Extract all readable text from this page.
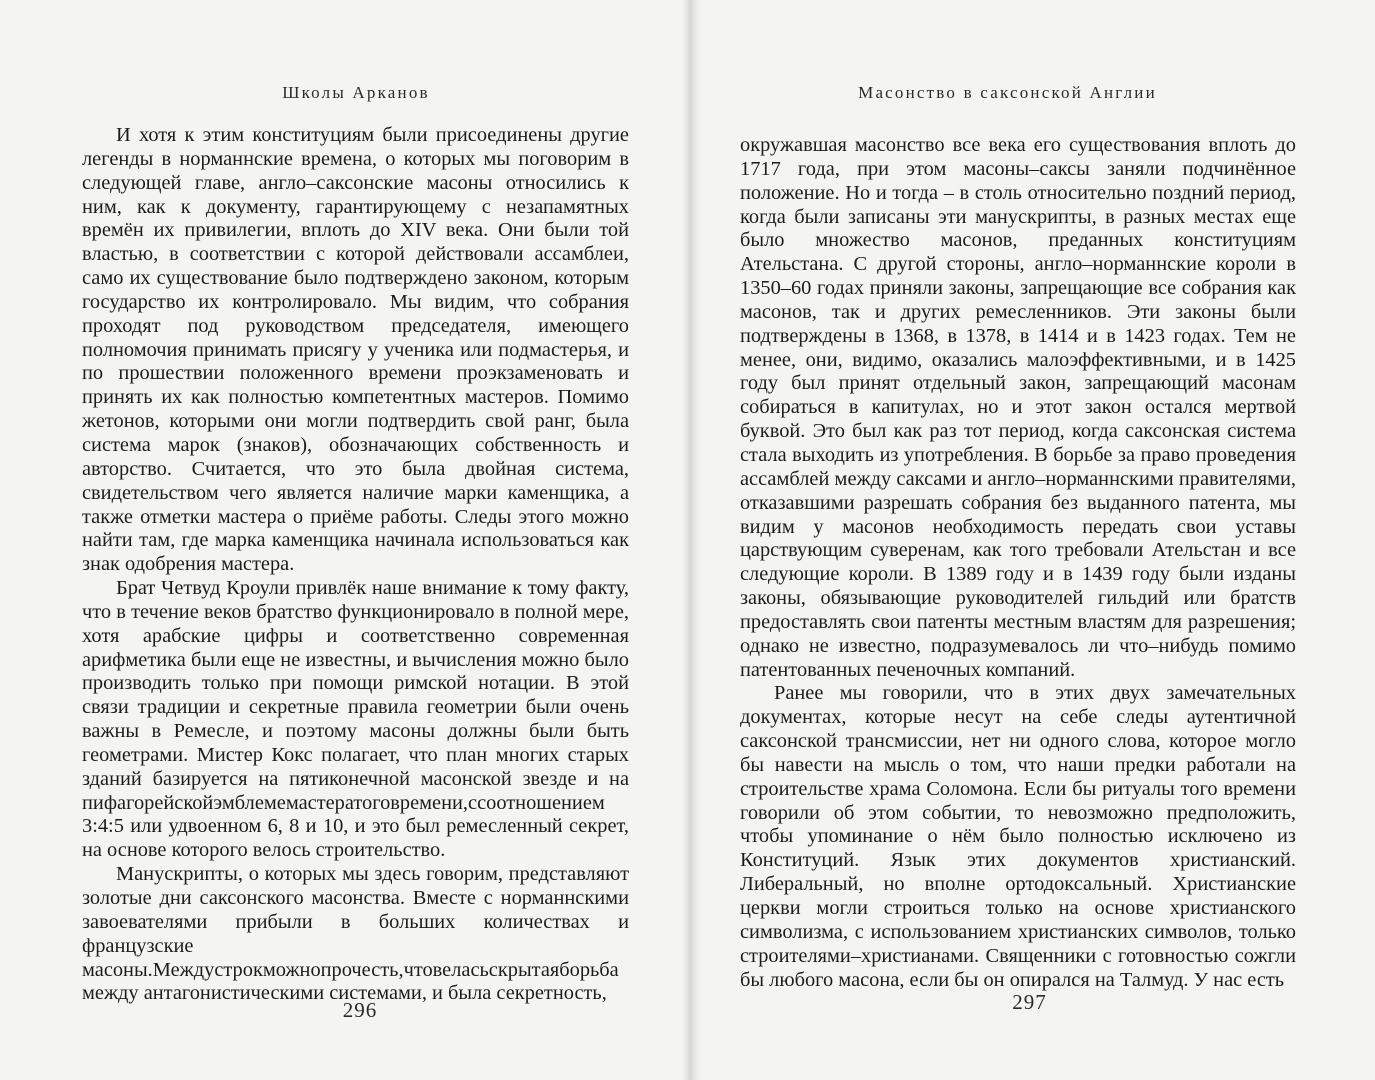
Школы Арканов

И хотя к этим конституциям были присоединены другие легенды в норманнские времена, о которых мы поговорим в следующей главе, англо–саксонские масоны относились к ним, как к документу, гарантирующему с незапамятных времён их привилегии, вплоть до XIV века. Они были той властью, в соответствии с которой действовали ассамблеи, само их существование было подтверждено законом, которым государство их контролировало. Мы видим, что собрания проходят под руководством председателя, имеющего полномочия принимать присягу у ученика или подмастерья, и по прошествии положенного времени проэкзаменовать и принять их как полностью компетентных мастеров. Помимо жетонов, которыми они могли подтвердить свой ранг, была система марок (знаков), обозначающих собственность и авторство. Считается, что это была двойная система, свидетельством чего является наличие марки каменщика, а также отметки мастера о приёме работы. Следы этого можно найти там, где марка каменщика начинала использоваться как знак одобрения мастера.

Брат Четвуд Кроули привлёк наше внимание к тому факту, что в течение веков братство функционировало в полной мере, хотя арабские цифры и соответственно современная арифметика были еще не известны, и вычисления можно было производить только при помощи римской нотации. В этой связи традиции и секретные правила геометрии были очень важны в Ремесле, и поэтому масоны должны были быть геометрами. Мистер Кокс полагает, что план многих старых зданий базируется на пятиконечной масонской звезде и на пифагорейскойэмблемемастератоговремени,ссоотношением 3:4:5 или удвоенном 6, 8 и 10, и это был ремесленный секрет, на основе которого велось строительство.

Манускрипты, о которых мы здесь говорим, представляют золотые дни саксонского масонства. Вместе с норманнскими завоевателями прибыли в больших количествах и французские масоны.Междустрокможнопрочесть,чтовеласьскрытаяборьба между антагонистическими системами, и была секретность,

296
Масонство в саксонской Англии

окружавшая масонство все века его существования вплоть до 1717 года, при этом масоны–саксы заняли подчинённое положение. Но и тогда – в столь относительно поздний период, когда были записаны эти манускрипты, в разных местах еще было множество масонов, преданных конституциям Ательстана. С другой стороны, англо–норманнские короли в 1350–60 годах приняли законы, запрещающие все собрания как масонов, так и других ремесленников. Эти законы были подтверждены в 1368, в 1378, в 1414 и в 1423 годах. Тем не менее, они, видимо, оказались малоэффективными, и в 1425 году был принят отдельный закон, запрещающий масонам собираться в капитулах, но и этот закон остался мертвой буквой. Это был как раз тот период, когда саксонская система стала выходить из употребления. В борьбе за право проведения ассамблей между саксами и англо–норманнскими правителями, отказавшими разрешать собрания без выданного патента, мы видим у масонов необходимость передать свои уставы царствующим суверенам, как того требовали Ательстан и все следующие короли. В 1389 году и в 1439 году были изданы законы, обязывающие руководителей гильдий или братств предоставлять свои патенты местным властям для разрешения; однако не известно, подразумевалось ли что–нибудь помимо патентованных печеночных компаний.

Ранее мы говорили, что в этих двух замечательных документах, которые несут на себе следы аутентичной саксонской трансмиссии, нет ни одного слова, которое могло бы навести на мысль о том, что наши предки работали на строительстве храма Соломона. Если бы ритуалы того времени говорили об этом событии, то невозможно предположить, чтобы упоминание о нём было полностью исключено из Конституций. Язык этих документов христианский. Либеральный, но вполне ортодоксальный. Христианские церкви могли строиться только на основе христианского символизма, с использованием христианских символов, только строителями–христианами. Священники с готовностью сожгли бы любого масона, если бы он опирался на Талмуд. У нас есть

297
